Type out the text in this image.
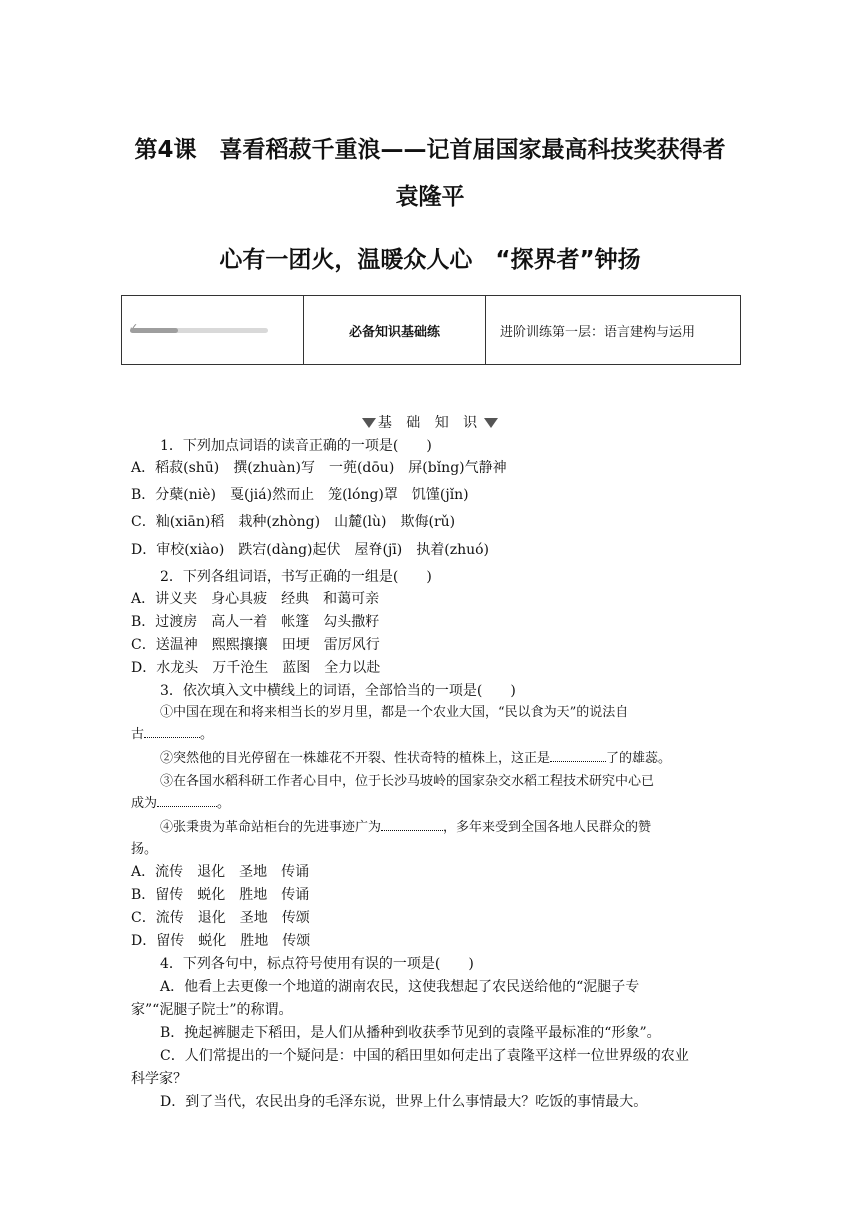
第4课　喜看稻菽千重浪——记首届国家最高科技奖获得者
袁隆平
心有一团火，温暖众人心　“探界者”钟扬
	必备知识基础练	进阶训练第一层：语言建构与运用
基 础 知 识
1．下列加点词语的读音正确的一项是(　　)
A．稻菽(shū)　撰(zhuàn)写　一蔸(dōu)　屏(bǐng)气静神
B．分蘖(niè)　戛(jiá)然而止　笼(lóng)罩　饥馑(jǐn)
C．籼(xiān)稻　栽种(zhòng)　山麓(lù)　欺侮(rǔ)
D．审校(xiào)　跌宕(dàng)起伏　屋脊(jī)　执着(zhuó)
2．下列各组词语，书写正确的一组是(　　)
A．讲义夹　身心具疲　经典　和蔼可亲
B．过渡房　高人一着　帐篷　勾头撒籽
C．送温神　熙熙攘攘　田埂　雷厉风行
D．水龙头　万千沧生　蓝图　全力以赴
3．依次填入文中横线上的词语，全部恰当的一项是(　　)
①中国在现在和将来相当长的岁月里，都是一个农业大国，“民以食为天”的说法自
古	。
②突然他的目光停留在一株雄花不开裂、性状奇特的植株上，这正是	了的雄蕊。
③在各国水稻科研工作者心目中，位于长沙马坡岭的国家杂交水稻工程技术研究中心已
成为	。
④张秉贵为革命站柜台的先进事迹广为	，多年来受到全国各地人民群众的赞
扬。
A．流传　退化　圣地　传诵
B．留传　蜕化　胜地　传诵
C．流传　退化　圣地　传颂
D．留传　蜕化　胜地　传颂
4．下列各句中，标点符号使用有误的一项是(　　)
A．他看上去更像一个地道的湖南农民，这使我想起了农民送给他的“泥腿子专
家”“泥腿子院士”的称谓。
B．挽起裤腿走下稻田，是人们从播种到收获季节见到的袁隆平最标准的“形象”。
C．人们常提出的一个疑问是：中国的稻田里如何走出了袁隆平这样一位世界级的农业
科学家？
D．到了当代，农民出身的毛泽东说，世界上什么事情最大？吃饭的事情最大。
